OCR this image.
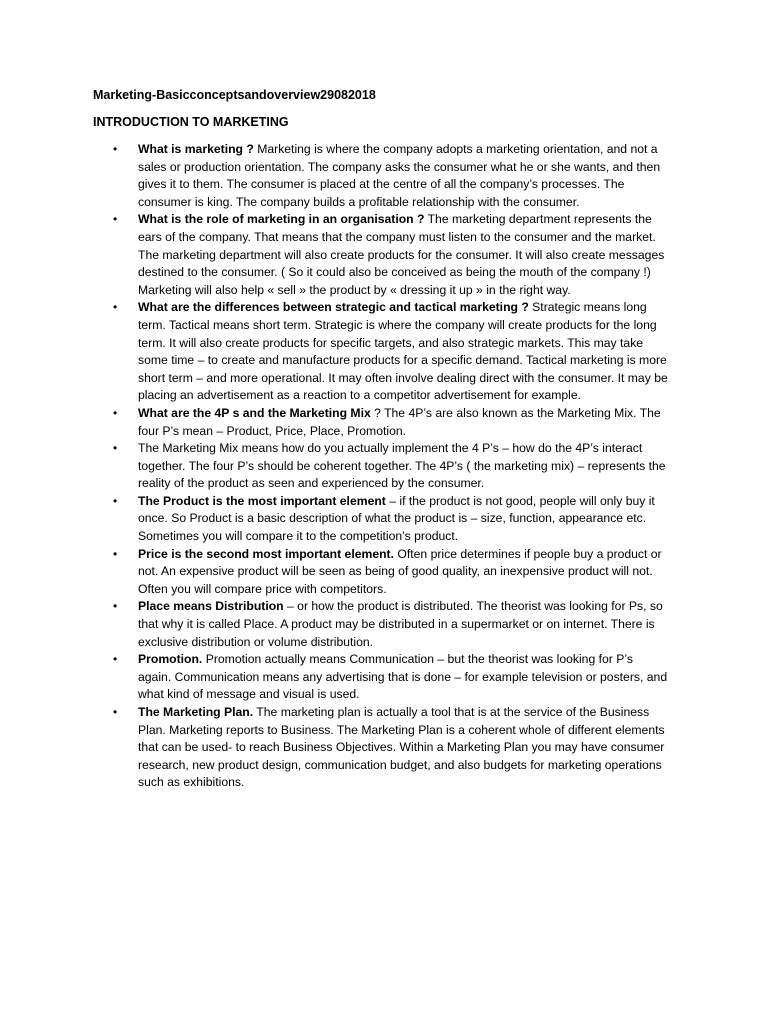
Marketing-Basicconceptsandoverview29082018
INTRODUCTION TO MARKETING
• What is marketing ? Marketing is where the company adopts a marketing orientation, and not a sales or production orientation. The company asks the consumer what he or she wants, and then gives it to them. The consumer is placed at the centre of all the company’s processes. The consumer is king. The company builds a profitable relationship with the consumer.
• What is the role of marketing in an organisation ? The marketing department represents the ears of the company. That means that the company must listen to the consumer and the market. The marketing department will also create products for the consumer. It will also create messages destined to the consumer. ( So it could also be conceived as being the mouth of the company !) Marketing will also help « sell » the product by « dressing it up » in the right way.
• What are the differences between strategic and tactical marketing ? Strategic means long term. Tactical means short term. Strategic is where the company will create products for the long term. It will also create products for specific targets, and also strategic markets. This may take some time – to create and manufacture products for a specific demand. Tactical marketing is more short term – and more operational. It may often involve dealing direct with the consumer. It may be placing an advertisement as a reaction to a competitor advertisement for example.
• What are the 4P s and the Marketing Mix ? The 4P’s are also known as the Marketing Mix. The four P’s mean – Product, Price, Place, Promotion.
• The Marketing Mix means how do you actually implement the 4 P’s – how do the 4P’s interact together. The four P’s should be coherent together. The 4P’s ( the marketing mix) – represents the reality of the product as seen and experienced by the consumer.
• The Product is the most important element – if the product is not good, people will only buy it once. So Product is a basic description of what the product is – size, function, appearance etc. Sometimes you will compare it to the competition’s product.
• Price is the second most important element. Often price determines if people buy a product or not. An expensive product will be seen as being of good quality, an inexpensive product will not. Often you will compare price with competitors.
• Place means Distribution – or how the product is distributed. The theorist was looking for Ps, so that why it is called Place. A product may be distributed in a supermarket or on internet. There is exclusive distribution or volume distribution.
• Promotion. Promotion actually means Communication – but the theorist was looking for P’s again. Communication means any advertising that is done – for example television or posters, and what kind of message and visual is used.
• The Marketing Plan. The marketing plan is actually a tool that is at the service of the Business Plan. Marketing reports to Business. The Marketing Plan is a coherent whole of different elements that can be used- to reach Business Objectives. Within a Marketing Plan you may have consumer research, new product design, communication budget, and also budgets for marketing operations such as exhibitions.
